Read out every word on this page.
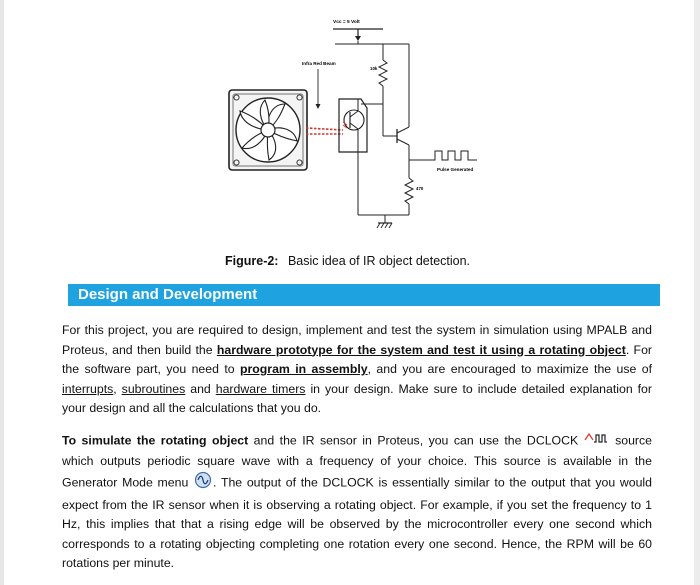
Vcc = 5 Volt
Infra Red Beam
10k
Pulse Generated
470
Figure-2: Basic idea of IR object detection.
Design and Development
For this project, you are required to design, implement and test the system in simulation using MPALB and Proteus, and then build the hardware prototype for the system and test it using a rotating object. For the software part, you need to program in assembly, and you are encouraged to maximize the use of interrupts, subroutines and hardware timers in your design. Make sure to include detailed explanation for your design and all the calculations that you do.
To simulate the rotating object and the IR sensor in Proteus, you can use the DCLOCK  source which outputs periodic square wave with a frequency of your choice. This source is available in the Generator Mode menu . The output of the DCLOCK is essentially similar to the output that you would expect from the IR sensor when it is observing a rotating object. For example, if you set the frequency to 1 Hz, this implies that that a rising edge will be observed by the microcontroller every one second which corresponds to a rotating objecting completing one rotation every one second. Hence, the RPM will be 60 rotations per minute.
